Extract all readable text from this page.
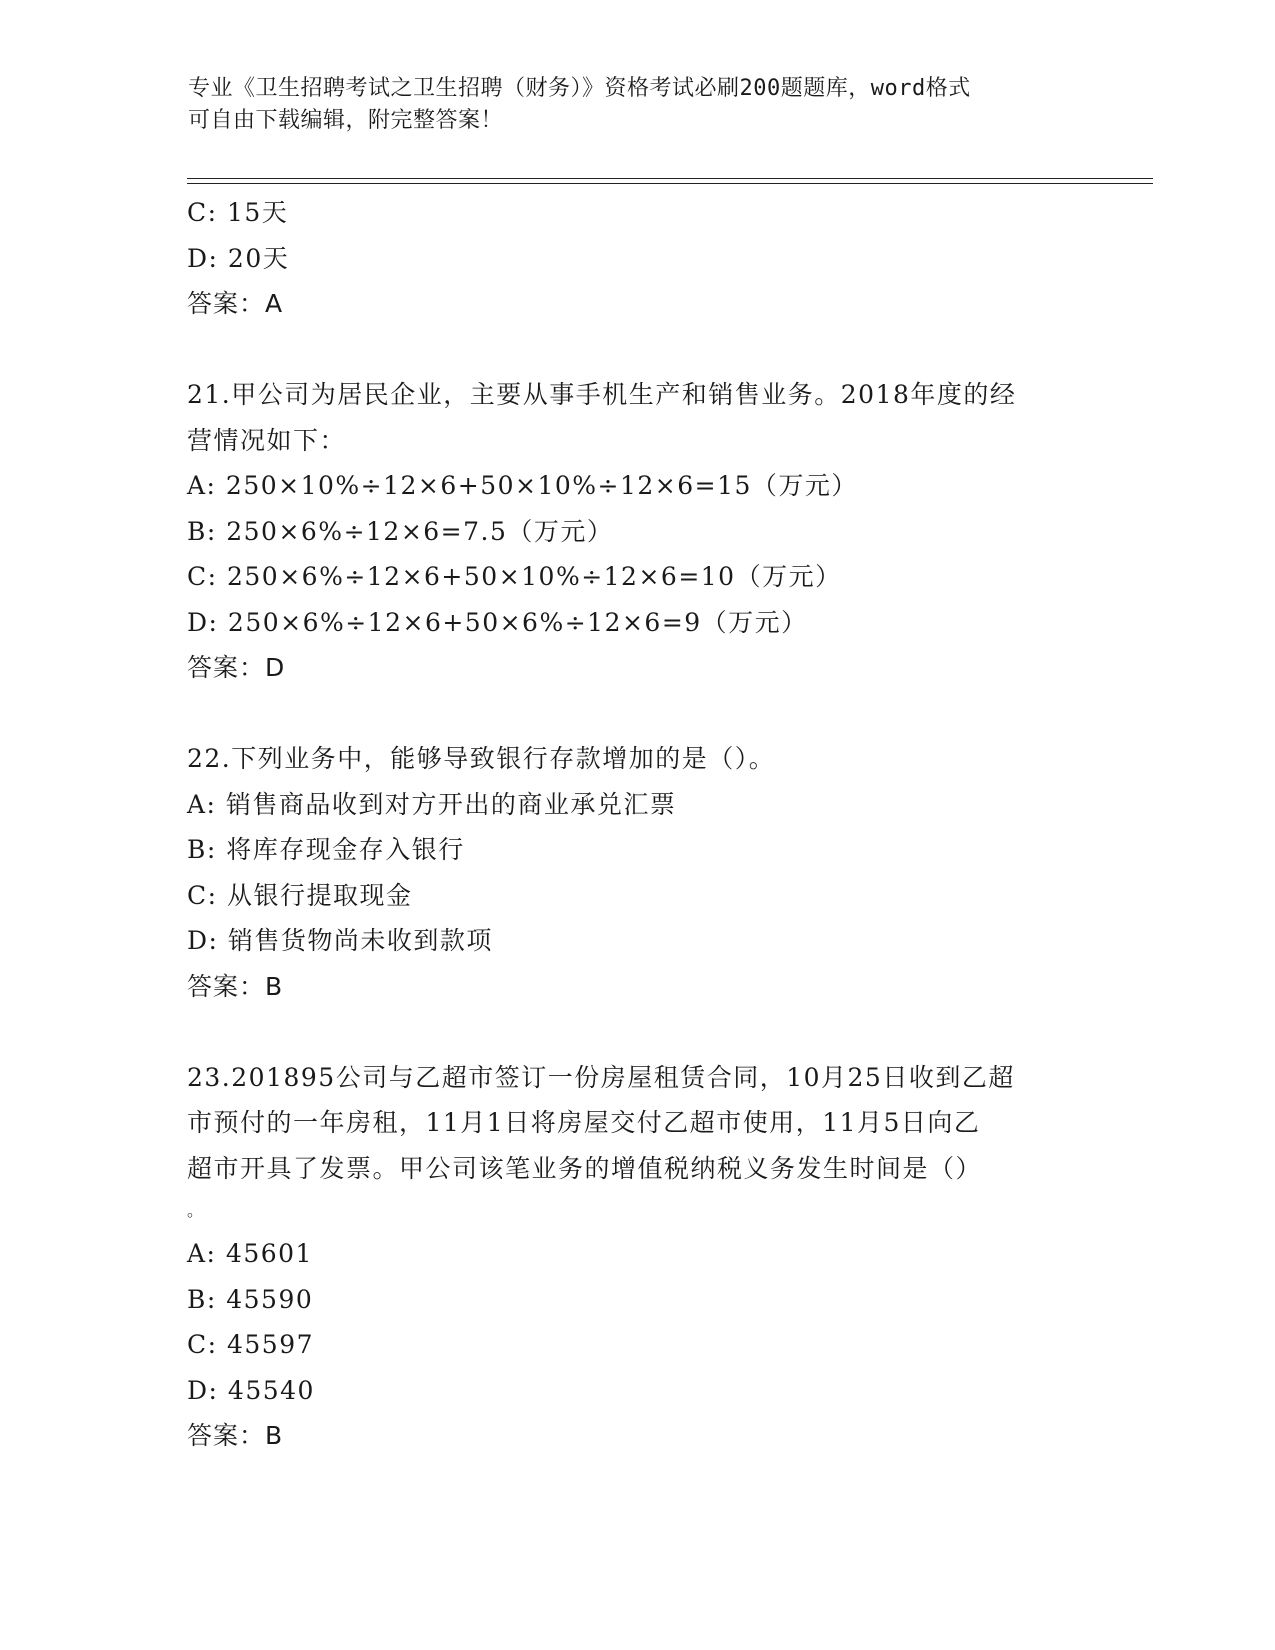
专业《卫生招聘考试之卫生招聘（财务）》资格考试必刷200题题库，word格式
可自由下载编辑，附完整答案！
C: 15天
D: 20天
答案：A
21.甲公司为居民企业，主要从事手机生产和销售业务。2018年度的经
营情况如下：
A: 250×10%÷12×6+50×10%÷12×6=15（万元）
B: 250×6%÷12×6=7.5（万元）
C: 250×6%÷12×6+50×10%÷12×6=10（万元）
D: 250×6%÷12×6+50×6%÷12×6=9（万元）
答案：D
22.下列业务中，能够导致银行存款增加的是（）。
A: 销售商品收到对方开出的商业承兑汇票
B: 将库存现金存入银行
C: 从银行提取现金
D: 销售货物尚未收到款项
答案：B
23.201895公司与乙超市签订一份房屋租赁合同，10月25日收到乙超
市预付的一年房租，11月1日将房屋交付乙超市使用，11月5日向乙
超市开具了发票。甲公司该笔业务的增值税纳税义务发生时间是（）
。
A: 45601
B: 45590
C: 45597
D: 45540
答案：B
